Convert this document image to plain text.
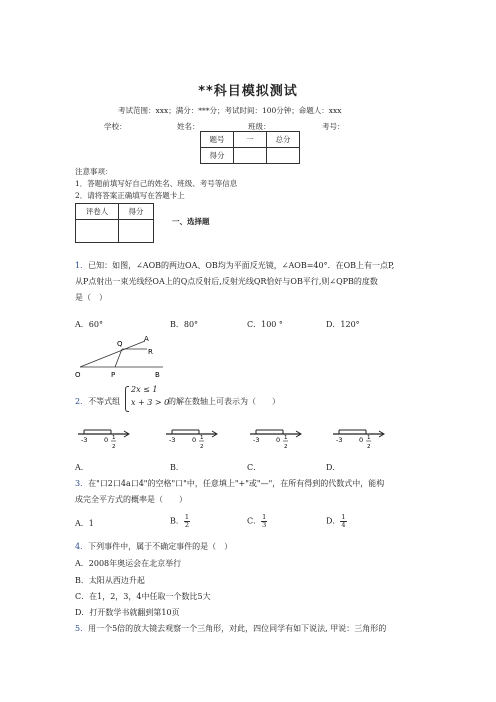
**科目模拟测试
考试范围：xxx；满分：***分；考试时间：100分钟；命题人：xxx
学校：	姓名：	班级：	考号：
题号	一	总分
得分		
注意事项：
1．答题前填写好自己的姓名、班级、考号等信息
2．请将答案正确填写在答题卡上
评卷人	得分

一、选择题
1．已知：如图，∠AOB的两边OA、OB均为平面反光镜，∠AOB=40°．在OB上有一点P,
从P点射出一束光线经OA上的Q点反射后,反射光线QR恰好与OB平行,则∠QPB的度数
是（　）
A．60°	B．80°	C．100 °	D．120°
Q
A
R
O	P	B
2．不等式组
2x ≤ 1
x + 3 > 0
的解在数轴上可表示为（　　）
-3	0 1
2
-3	0 1
2
-3	0 1
2
-3	0 1
2
A．	B．	C．	D．
3．在"口2口4a口4"的空格"口"中，任意填上"+"或"—"，在所有得到的代数式中，能构
成完全平方式的概率是（　　）
A．1	B． $\frac{1}{2}$	C． $\frac{1}{3}$	D． $\frac{1}{4}$
4．下列事件中，属于不确定事件的是（　）
A．2008年奥运会在北京举行
B．太阳从西边升起
C．在1，2，3，4中任取一个数比5大
D．打开数学书就翻到第10页
5．用一个5倍的放大镜去观察一个三角形，对此，四位同学有如下说法, 甲说：三角形的
